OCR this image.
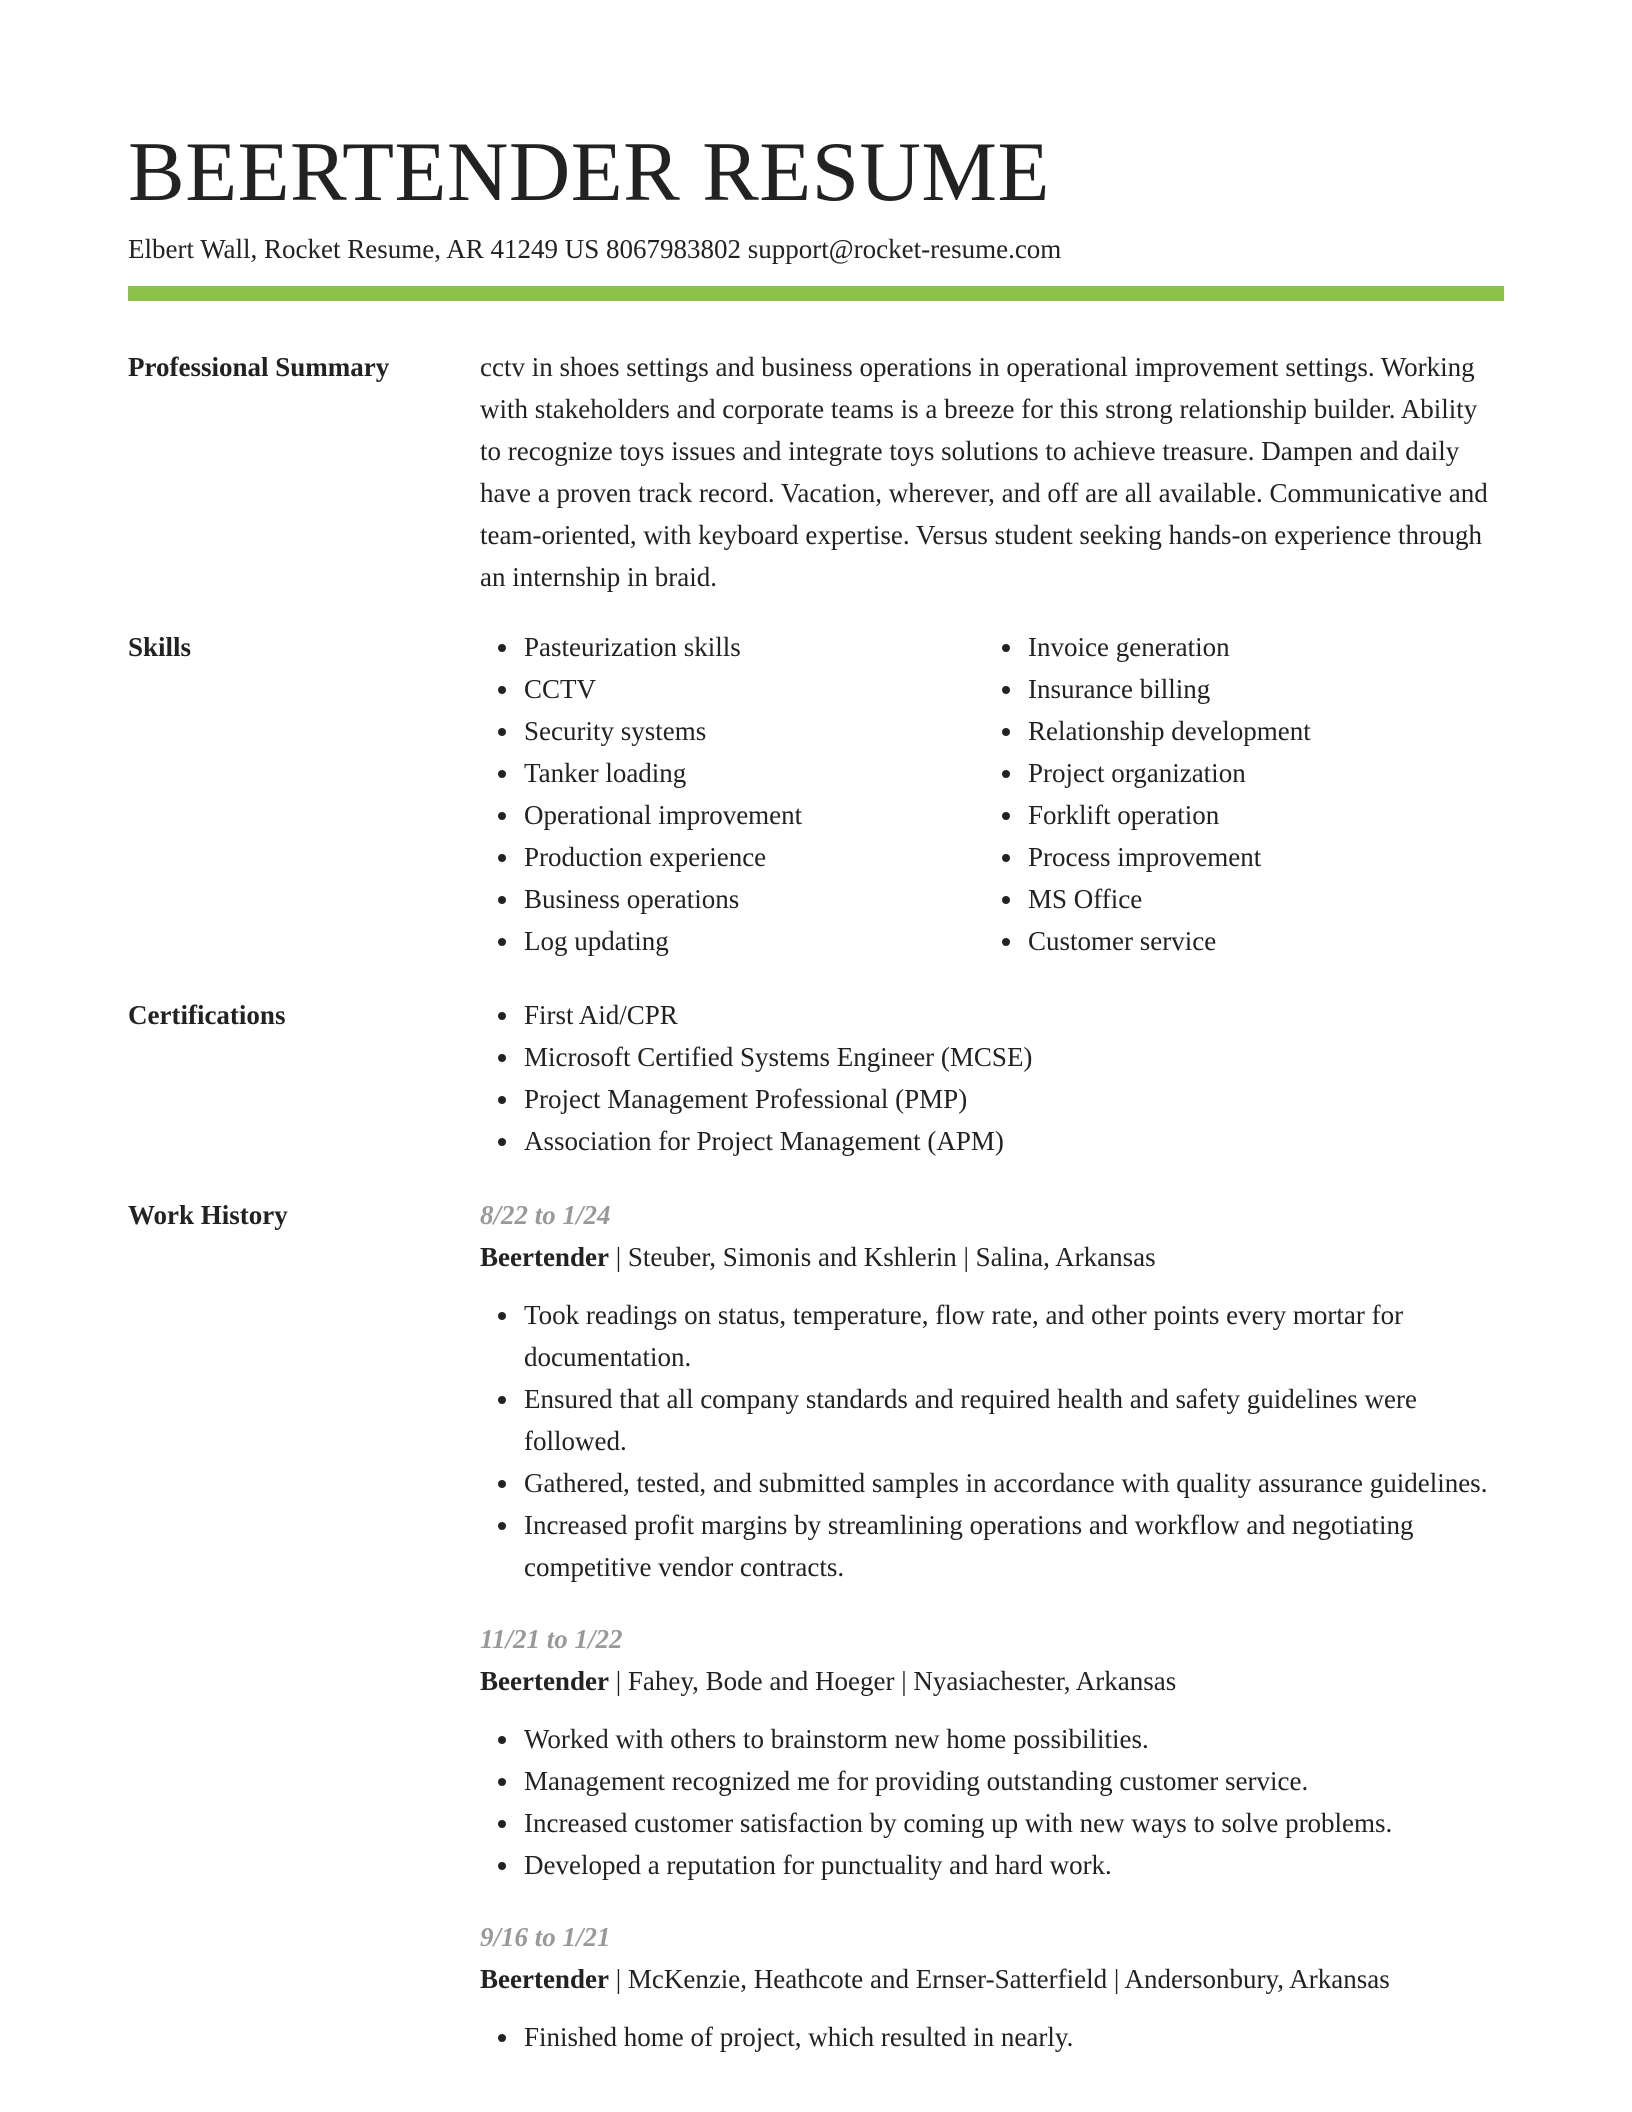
BEERTENDER RESUME
Elbert Wall, Rocket Resume, AR 41249 US 8067983802 support@rocket-resume.com
Professional Summary	cctv in shoes settings and business operations in operational improvement settings. Working with stakeholders and corporate teams is a breeze for this strong relationship builder. Ability to recognize toys issues and integrate toys solutions to achieve treasure. Dampen and daily have a proven track record. Vacation, wherever, and off are all available. Communicative and team-oriented, with keyboard expertise. Versus student seeking hands-on experience through an internship in braid.

Skills	Pasteurization skills
CCTV
Security systems
Tanker loading
Operational improvement
Production experience
Business operations
Log updating
Invoice generation
Insurance billing
Relationship development
Project organization
Forklift operation
Process improvement
MS Office
Customer service
Certifications	First Aid/CPR
Microsoft Certified Systems Engineer (MCSE)
Project Management Professional (PMP)
Association for Project Management (APM)
Work History	8/22 to 1/24
Beertender | Steuber, Simonis and Kshlerin | Salina, Arkansas
Took readings on status, temperature, flow rate, and other points every mortar for documentation.
Ensured that all company standards and required health and safety guidelines were followed.
Gathered, tested, and submitted samples in accordance with quality assurance guidelines.
Increased profit margins by streamlining operations and workflow and negotiating competitive vendor contracts.
11/21 to 1/22
Beertender | Fahey, Bode and Hoeger | Nyasiachester, Arkansas
Worked with others to brainstorm new home possibilities.
Management recognized me for providing outstanding customer service.
Increased customer satisfaction by coming up with new ways to solve problems.
Developed a reputation for punctuality and hard work.
9/16 to 1/21
Beertender | McKenzie, Heathcote and Ernser-Satterfield | Andersonbury, Arkansas
Finished home of project, which resulted in nearly.
